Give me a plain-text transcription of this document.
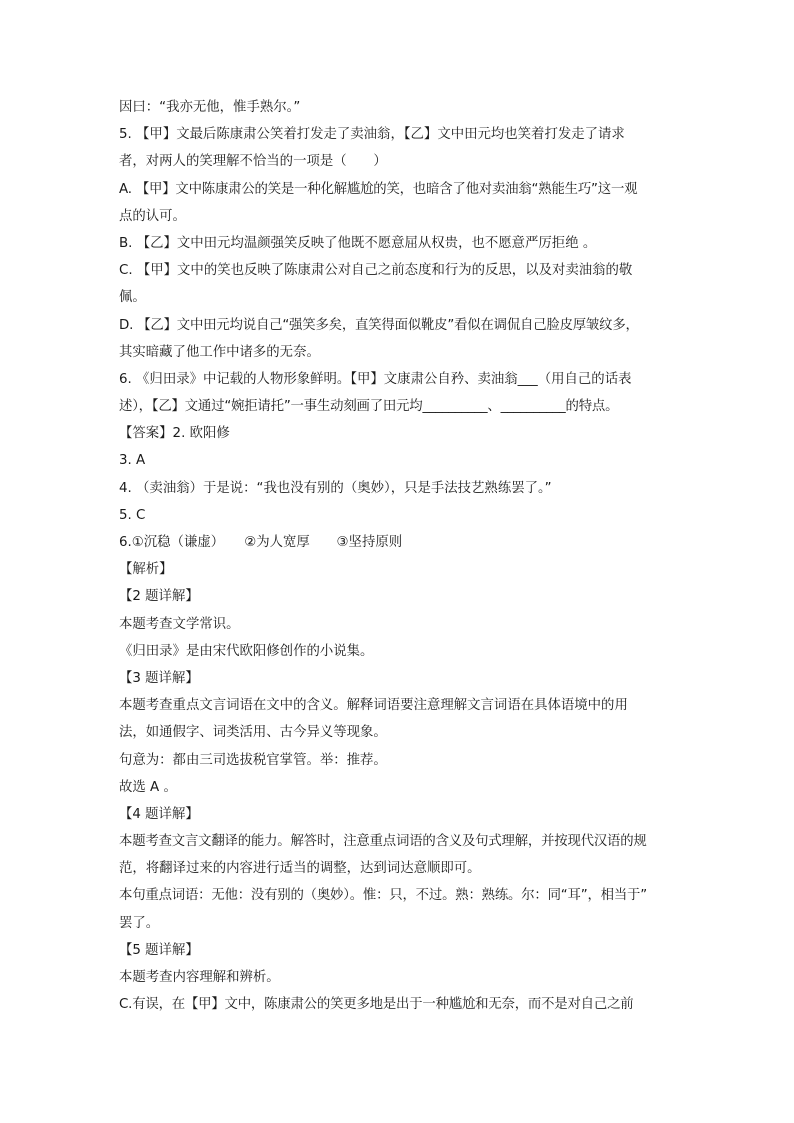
因曰：“我亦无他，惟手熟尔。”
5. 【甲】文最后陈康肃公笑着打发走了卖油翁，【乙】文中田元均也笑着打发走了请求
者，对两人的笑理解不恰当的一项是（　　）
A. 【甲】文中陈康肃公的笑是一种化解尴尬的笑，也暗含了他对卖油翁“熟能生巧”这一观
点的认可。
B. 【乙】文中田元均温颜强笑反映了他既不愿意屈从权贵，也不愿意严厉拒绝 。
C. 【甲】文中的笑也反映了陈康肃公对自己之前态度和行为的反思，以及对卖油翁的敬
佩。
D. 【乙】文中田元均说自己“强笑多矣，直笑得面似靴皮”看似在调侃自己脸皮厚皱纹多，
其实暗藏了他工作中诸多的无奈。
6. 《归田录》中记载的人物形象鲜明。【甲】文康肃公自矜、卖油翁___（用自己的话表
述），【乙】文通过“婉拒请托”一事生动刻画了田元均__________、__________的特点。
【答案】2. 欧阳修
3. A
4. （卖油翁）于是说：“我也没有别的（奥妙），只是手法技艺熟练罢了。”
5. C
6.①沉稳（谦虚）　　②为人宽厚　　③坚持原则
【解析】
【2 题详解】
本题考查文学常识。
《归田录》是由宋代欧阳修创作的小说集。
【3 题详解】
本题考查重点文言词语在文中的含义。解释词语要注意理解文言词语在具体语境中的用
法，如通假字、词类活用、古今异义等现象。
句意为：都由三司选拔税官掌管。举：推荐。
故选 A 。
【4 题详解】
本题考查文言文翻译的能力。解答时，注意重点词语的含义及句式理解，并按现代汉语的规
范，将翻译过来的内容进行适当的调整，达到词达意顺即可。
本句重点词语：无他：没有别的（奥妙）。惟：只，不过。熟：熟练。尔：同“耳”，相当于”
罢了。
【5 题详解】
本题考查内容理解和辨析。
C.有误，在【甲】文中，陈康肃公的笑更多地是出于一种尴尬和无奈，而不是对自己之前
